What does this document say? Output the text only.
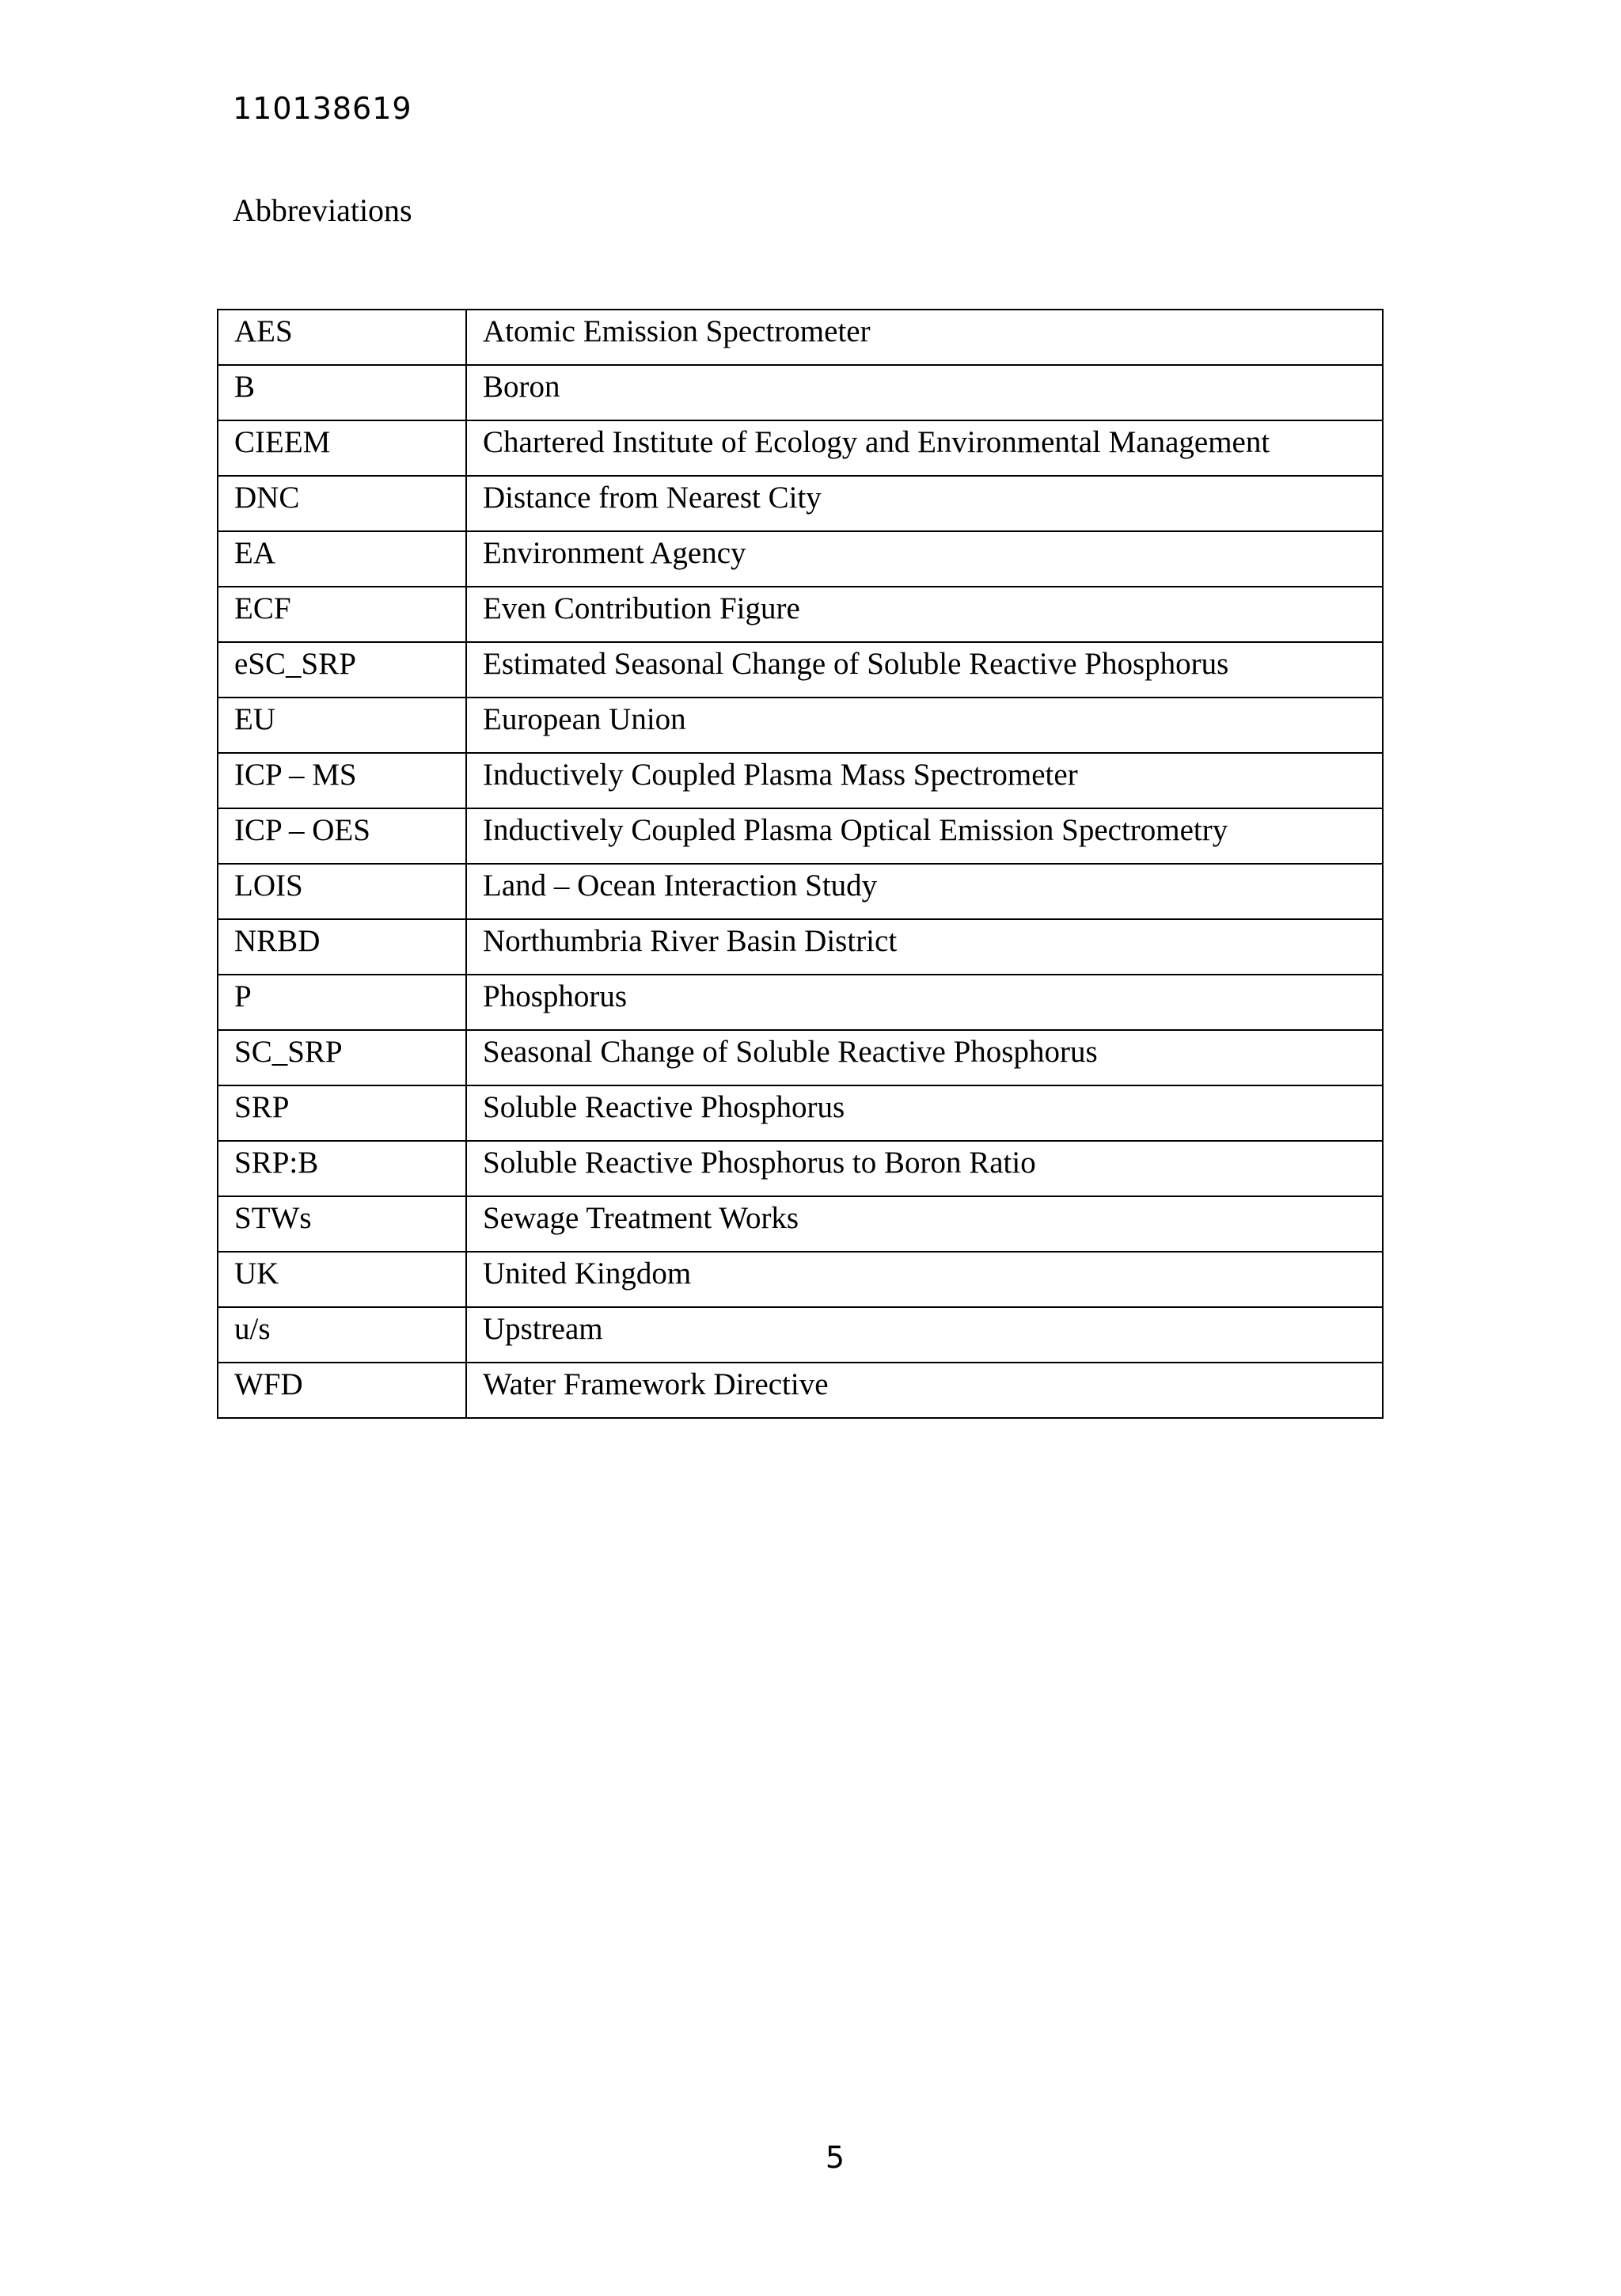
110138619
Abbreviations
AES	Atomic Emission Spectrometer
B	Boron
CIEEM	Chartered Institute of Ecology and Environmental Management
DNC	Distance from Nearest City
EA	Environment Agency
ECF	Even Contribution Figure
eSC_SRP	Estimated Seasonal Change of Soluble Reactive Phosphorus
EU	European Union
ICP – MS	Inductively Coupled Plasma Mass Spectrometer
ICP – OES	Inductively Coupled Plasma Optical Emission Spectrometry
LOIS	Land – Ocean Interaction Study
NRBD	Northumbria River Basin District
P	Phosphorus
SC_SRP	Seasonal Change of Soluble Reactive Phosphorus
SRP	Soluble Reactive Phosphorus
SRP:B	Soluble Reactive Phosphorus to Boron Ratio
STWs	Sewage Treatment Works
UK	United Kingdom
u/s	Upstream
WFD	Water Framework Directive
5
